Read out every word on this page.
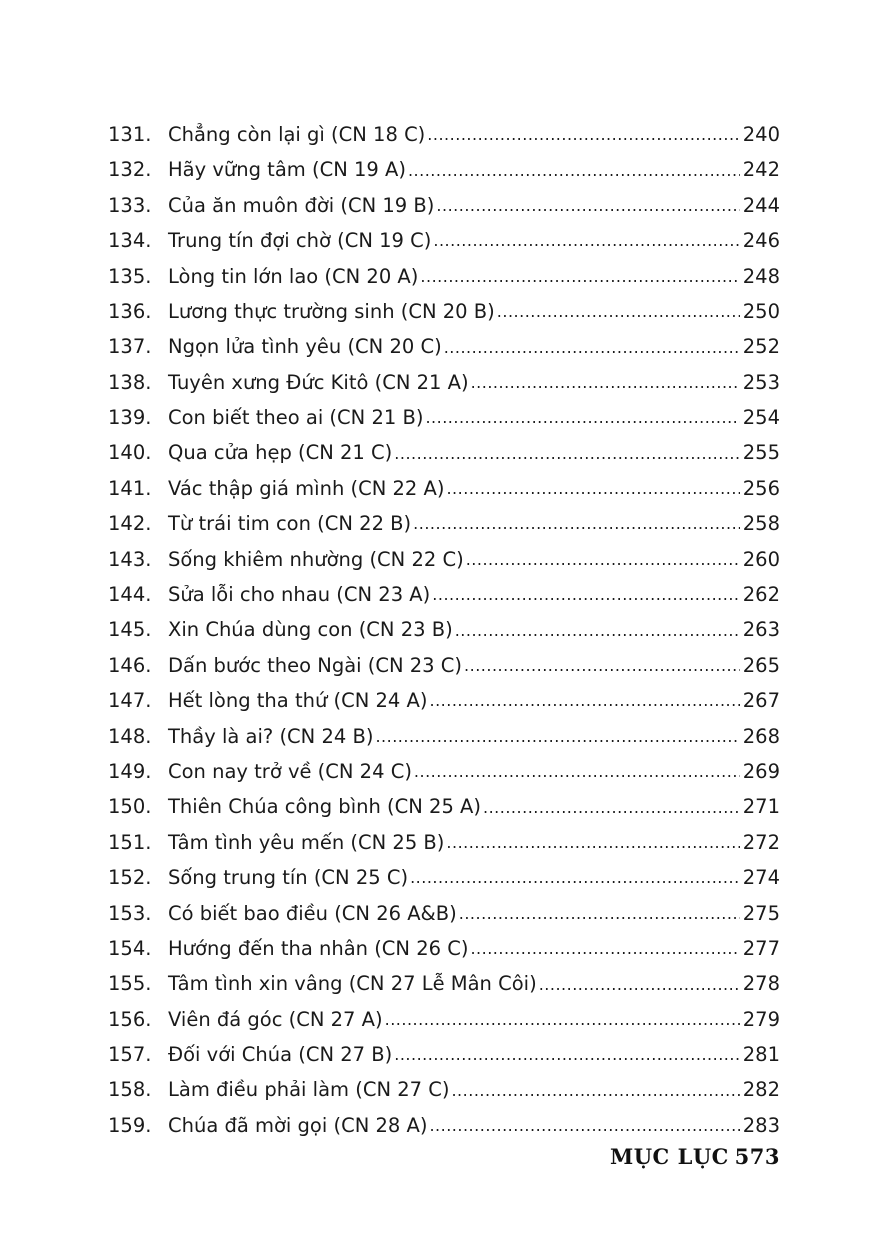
131. Chẳng còn lại gì (CN 18 C) .....	240
132. Hãy vững tâm (CN 19 A) .....	242
133. Của ăn muôn đời (CN 19 B) .....	244
134. Trung tín đợi chờ (CN 19 C) .....	246
135. Lòng tin lớn lao (CN 20 A) .....	248
136. Lương thực trường sinh (CN 20 B) .....	250
137. Ngọn lửa tình yêu (CN 20 C) .....	252
138. Tuyên xưng Đức Kitô (CN 21 A) .....	253
139. Con biết theo ai (CN 21 B) .....	254
140. Qua cửa hẹp (CN 21 C) .....	255
141. Vác thập giá mình (CN 22 A) .....	256
142. Từ trái tim con (CN 22 B) .....	258
143. Sống khiêm nhường (CN 22 C) .....	260
144. Sửa lỗi cho nhau (CN 23 A) .....	262
145. Xin Chúa dùng con (CN 23 B) .....	263
146. Dấn bước theo Ngài (CN 23 C) .....	265
147. Hết lòng tha thứ (CN 24 A) .....	267
148. Thầy là ai? (CN 24 B) .....	268
149. Con nay trở về (CN 24 C) .....	269
150. Thiên Chúa công bình (CN 25 A) .....	271
151. Tâm tình yêu mến (CN 25 B) .....	272
152. Sống trung tín (CN 25 C) .....	274
153. Có biết bao điều (CN 26 A&B) .....	275
154. Hướng đến tha nhân (CN 26 C) .....	277
155. Tâm tình xin vâng (CN 27 Lễ Mân Côi) .....	278
156. Viên đá góc (CN 27 A) .....	279
157. Đối với Chúa (CN 27 B) .....	281
158. Làm điều phải làm (CN 27 C) .....	282
159. Chúa đã mời gọi (CN 28 A) .....	283
MỤC LỤC 573
